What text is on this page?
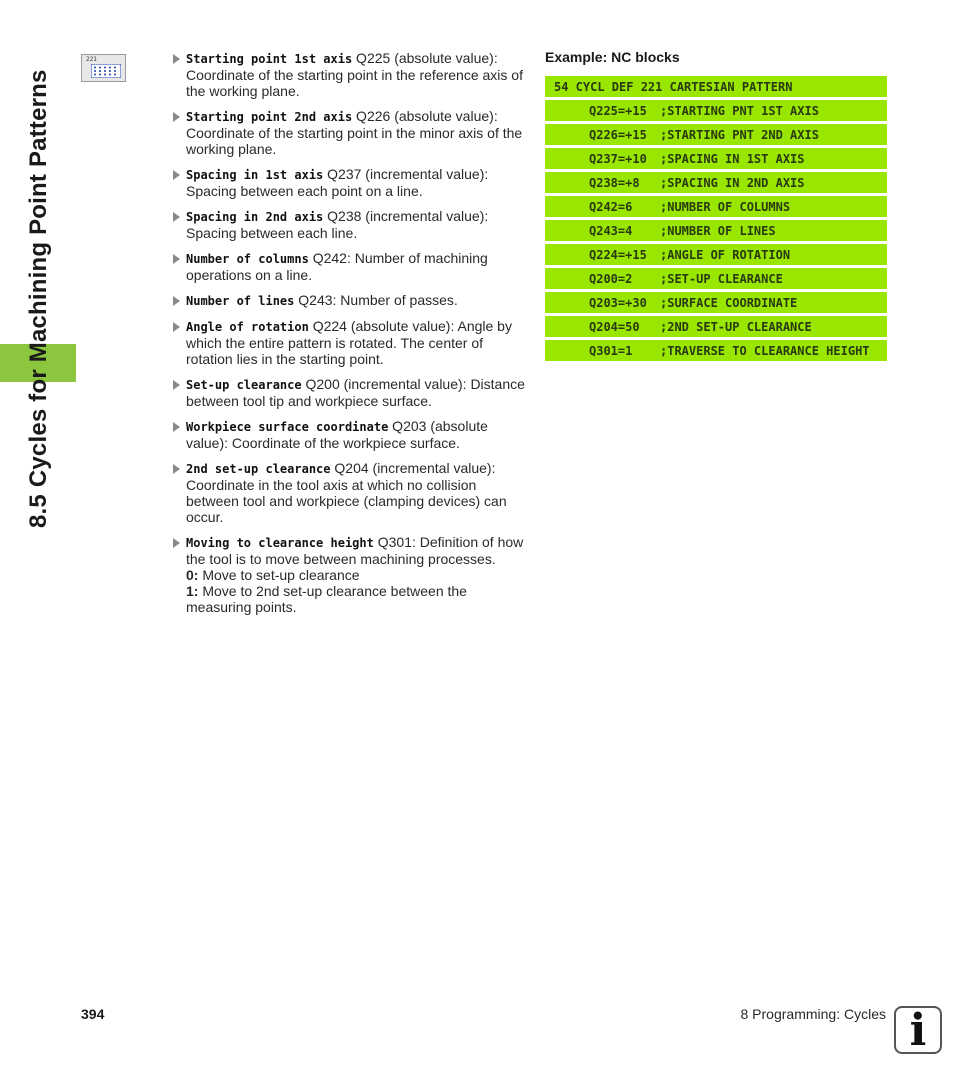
8.5 Cycles for Machining Point Patterns
221	Starting point 1st axis Q225 (absolute value): Coordinate of the starting point in the reference axis of the working plane.
Starting point 2nd axis Q226 (absolute value): Coordinate of the starting point in the minor axis of the working plane.
Spacing in 1st axis Q237 (incremental value): Spacing between each point on a line.
Spacing in 2nd axis Q238 (incremental value): Spacing between each line.
Number of columns Q242: Number of machining operations on a line.
Number of lines Q243: Number of passes.
Angle of rotation Q224 (absolute value): Angle by which the entire pattern is rotated. The center of rotation lies in the starting point.
Set-up clearance Q200 (incremental value): Distance between tool tip and workpiece surface.
Workpiece surface coordinate Q203 (absolute value): Coordinate of the workpiece surface.
2nd set-up clearance Q204 (incremental value): Coordinate in the tool axis at which no collision between tool and workpiece (clamping devices) can occur.
Moving to clearance height Q301: Definition of how the tool is to move between machining processes.
0: Move to set-up clearance
1: Move to 2nd set-up clearance between the measuring points.
Example: NC blocks
54 CYCL DEF 221 CARTESIAN PATTERN
Q225=+15 ;STARTING PNT 1ST AXIS
Q226=+15 ;STARTING PNT 2ND AXIS
Q237=+10 ;SPACING IN 1ST AXIS
Q238=+8 ;SPACING IN 2ND AXIS
Q242=6 ;NUMBER OF COLUMNS
Q243=4 ;NUMBER OF LINES
Q224=+15 ;ANGLE OF ROTATION
Q200=2 ;SET-UP CLEARANCE
Q203=+30 ;SURFACE COORDINATE
Q204=50 ;2ND SET-UP CLEARANCE
Q301=1 ;TRAVERSE TO CLEARANCE HEIGHT
394	8 Programming: Cycles i
